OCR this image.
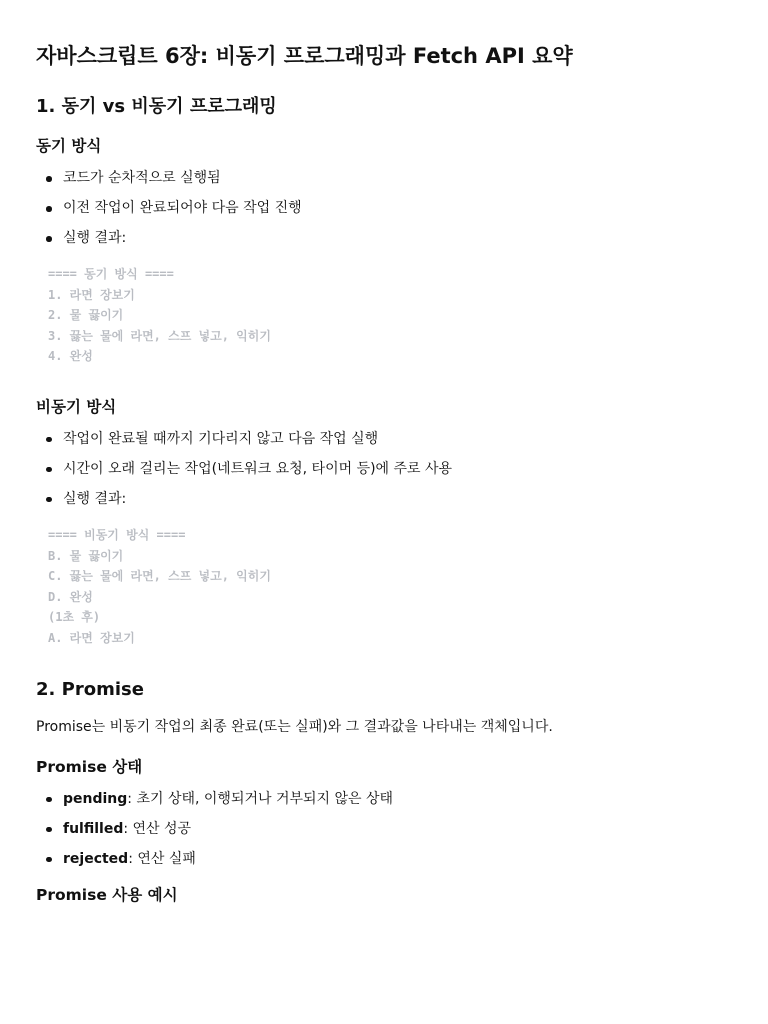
자바스크립트 6장: 비동기 프로그래밍과 Fetch API 요약
1. 동기 vs 비동기 프로그래밍
동기 방식
코드가 순차적으로 실행됨
이전 작업이 완료되어야 다음 작업 진행
실행 결과:
==== 동기 방식 ====
1. 라면 장보기
2. 물 끓이기
3. 끓는 물에 라면, 스프 넣고, 익히기
4. 완성
비동기 방식
작업이 완료될 때까지 기다리지 않고 다음 작업 실행
시간이 오래 걸리는 작업(네트워크 요청, 타이머 등)에 주로 사용
실행 결과:
==== 비동기 방식 ====
B. 물 끓이기
C. 끓는 물에 라면, 스프 넣고, 익히기
D. 완성
(1초 후)
A. 라면 장보기
2. Promise

Promise는 비동기 작업의 최종 완료(또는 실패)와 그 결과값을 나타내는 객체입니다.

Promise 상태
pending: 초기 상태, 이행되거나 거부되지 않은 상태
fulfilled: 연산 성공
rejected: 연산 실패
Promise 사용 예시
